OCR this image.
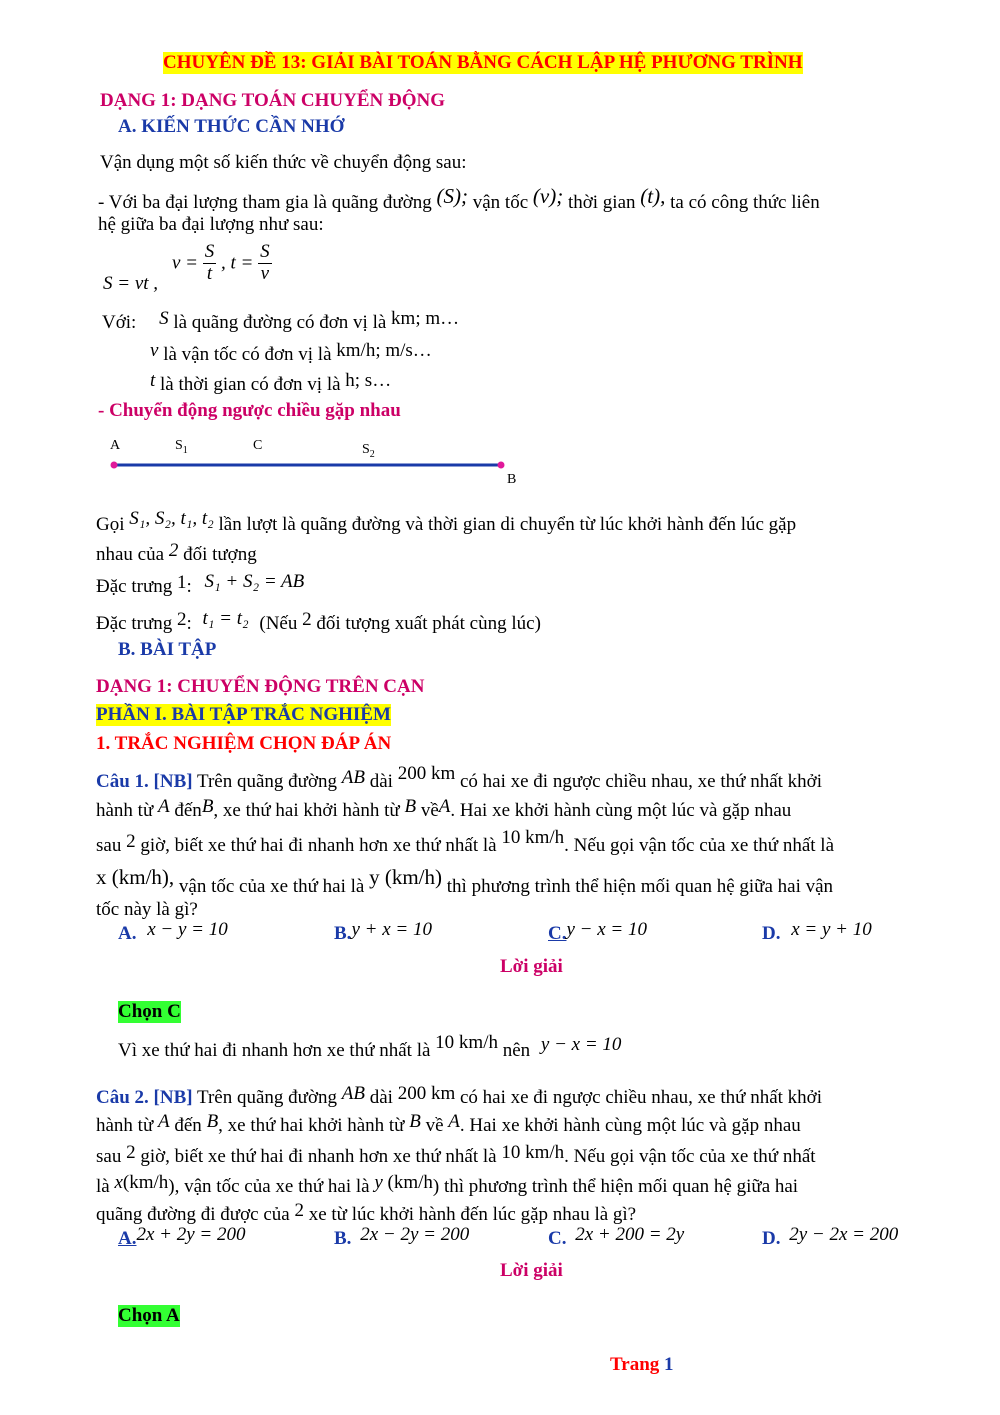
CHUYÊN ĐỀ 13: GIẢI BÀI TOÁN BẰNG CÁCH LẬP HỆ PHƯƠNG TRÌNH
DẠNG 1: DẠNG TOÁN CHUYỂN ĐỘNG
A. KIẾN THỨC CẦN NHỚ
Vận dụng một số kiến thức về chuyển động sau:
- Với ba đại lượng tham gia là quãng đường (S); vận tốc (v); thời gian (t), ta có công thức liên
hệ giữa ba đại lượng như sau:
S = vt ,
$v = \frac{S}{t}$ , $t = \frac{S}{v}$
Với: S là quãng đường có đơn vị là km; m…
v là vận tốc có đơn vị là km/h; m/s…
t là thời gian có đơn vị là h; s…
- Chuyển động ngược chiều gặp nhau
A	$S_1$	C	$S_2$
B
Gọi S₁, S₂, t₁, t₂ lần lượt là quãng đường và thời gian di chuyển từ lúc khởi hành đến lúc gặp
nhau của 2 đối tượng
Đặc trưng 1: S₁ + S₂ = AB
Đặc trưng 2: t₁ = t₂ (Nếu 2 đối tượng xuất phát cùng lúc)
B. BÀI TẬP
DẠNG 1: CHUYỂN ĐỘNG TRÊN CẠN
PHẦN I. BÀI TẬP TRẮC NGHIỆM
1. TRẮC NGHIỆM CHỌN ĐÁP ÁN
Câu 1. [NB] Trên quãng đường AB dài 200 km có hai xe đi ngược chiều nhau, xe thứ nhất khởi
hành từ A đếnB, xe thứ hai khởi hành từ B vềA. Hai xe khởi hành cùng một lúc và gặp nhau
sau 2 giờ, biết xe thứ hai đi nhanh hơn xe thứ nhất là 10 km/h. Nếu gọi vận tốc của xe thứ nhất là
x (km/h), vận tốc của xe thứ hai là y (km/h) thì phương trình thể hiện mối quan hệ giữa hai vận
tốc này là gì?
A. x − y = 10	B.y + x = 10	C.y − x = 10	D. x = y + 10
Lời giải
Chọn C
Vì xe thứ hai đi nhanh hơn xe thứ nhất là 10 km/h nên y − x = 10
Câu 2. [NB] Trên quãng đường AB dài 200 km có hai xe đi ngược chiều nhau, xe thứ nhất khởi
hành từ A đến B, xe thứ hai khởi hành từ B về A. Hai xe khởi hành cùng một lúc và gặp nhau
sau 2 giờ, biết xe thứ hai đi nhanh hơn xe thứ nhất là 10 km/h. Nếu gọi vận tốc của xe thứ nhất
là x(km/h), vận tốc của xe thứ hai là y (km/h) thì phương trình thể hiện mối quan hệ giữa hai
quãng đường đi được của 2 xe từ lúc khởi hành đến lúc gặp nhau là gì?
A.2x + 2y = 200	B. 2x − 2y = 200	C. 2x + 200 = 2y	D. 2y − 2x = 200
Lời giải
Chọn A
Trang 1
